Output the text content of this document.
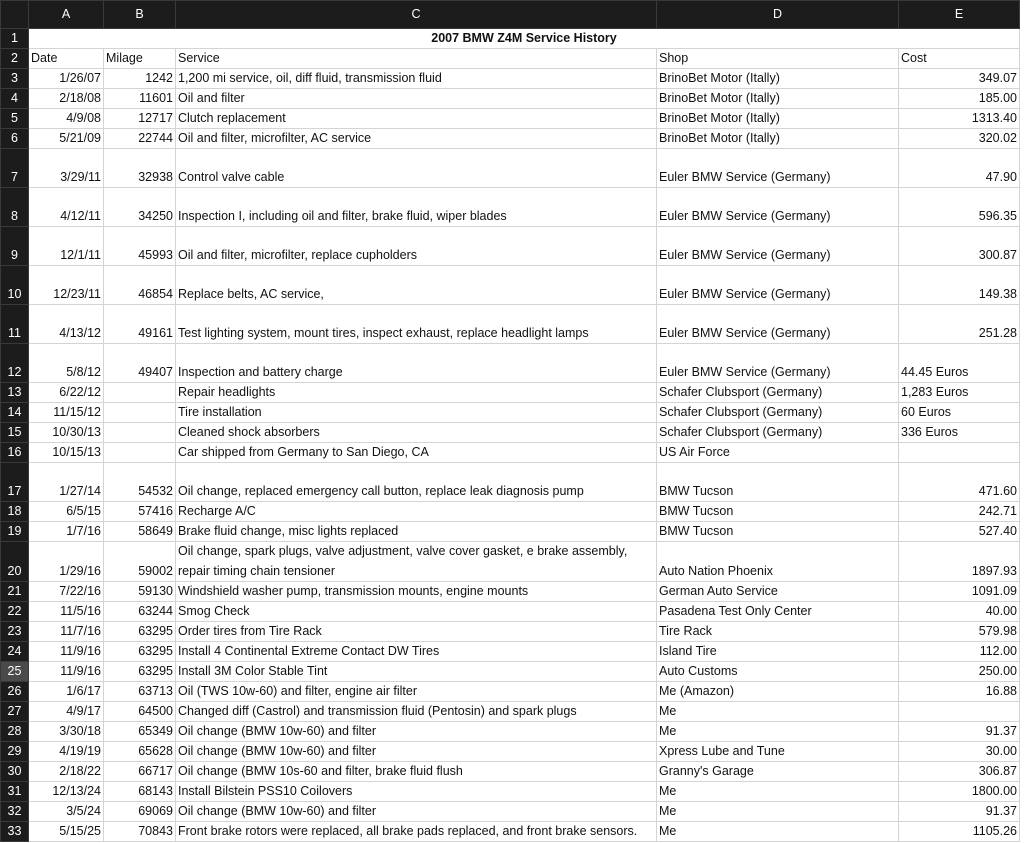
	A	B	C	D	E
1	2007 BMW Z4M Service History				
2	Date	Milage	Service	Shop	Cost
3	1/26/07	1242	1,200 mi service, oil, diff fluid, transmission fluid	BrinoBet Motor (Itally)	349.07
4	2/18/08	11601	Oil and filter	BrinoBet Motor (Itally)	185.00
5	4/9/08	12717	Clutch replacement	BrinoBet Motor (Itally)	1313.40
6	5/21/09	22744	Oil and filter, microfilter, AC service	BrinoBet Motor (Itally)	320.02
7	3/29/11	32938	Control valve cable	Euler BMW Service (Germany)	47.90
8	4/12/11	34250	Inspection I, including oil and filter, brake fluid, wiper blades	Euler BMW Service (Germany)	596.35
9	12/1/11	45993	Oil and filter, microfilter, replace cupholders	Euler BMW Service (Germany)	300.87
10	12/23/11	46854	Replace belts, AC service,	Euler BMW Service (Germany)	149.38
11	4/13/12	49161	Test lighting system, mount tires, inspect exhaust, replace headlight lamps	Euler BMW Service (Germany)	251.28
12	5/8/12	49407	Inspection and battery charge	Euler BMW Service (Germany)	44.45 Euros
13	6/22/12		Repair headlights	Schafer Clubsport (Germany)	1,283 Euros
14	11/15/12		Tire installation	Schafer Clubsport (Germany)	60 Euros
15	10/30/13		Cleaned shock absorbers	Schafer Clubsport (Germany)	336 Euros
16	10/15/13		Car shipped from Germany to San Diego, CA	US Air Force	
17	1/27/14	54532	Oil change, replaced emergency call button, replace leak diagnosis pump	BMW Tucson	471.60
18	6/5/15	57416	Recharge A/C	BMW Tucson	242.71
19	1/7/16	58649	Brake fluid change, misc lights replaced	BMW Tucson	527.40
20	1/29/16	59002	Oil change, spark plugs, valve adjustment, valve cover gasket, e brake assembly, repair timing chain tensioner	Auto Nation Phoenix	1897.93
21	7/22/16	59130	Windshield washer pump, transmission mounts, engine mounts	German Auto Service	1091.09
22	11/5/16	63244	Smog Check	Pasadena Test Only Center	40.00
23	11/7/16	63295	Order tires from Tire Rack	Tire Rack	579.98
24	11/9/16	63295	Install 4 Continental Extreme Contact DW Tires	Island Tire	112.00
25	11/9/16	63295	Install 3M Color Stable Tint	Auto Customs	250.00
26	1/6/17	63713	Oil (TWS 10w-60) and filter, engine air filter	Me (Amazon)	16.88
27	4/9/17	64500	Changed diff (Castrol) and transmission fluid (Pentosin) and spark plugs	Me	
28	3/30/18	65349	Oil change (BMW 10w-60) and filter	Me	91.37
29	4/19/19	65628	Oil change (BMW 10w-60) and filter	Xpress Lube and Tune	30.00
30	2/18/22	66717	Oil change (BMW 10s-60 and filter, brake fluid flush	Granny's Garage	306.87
31	12/13/24	68143	Install Bilstein PSS10 Coilovers	Me	1800.00
32	3/5/24	69069	Oil change (BMW 10w-60) and filter	Me	91.37
33	5/15/25	70843	Front brake rotors were replaced, all brake pads replaced, and front brake sensors.	Me	1105.26
